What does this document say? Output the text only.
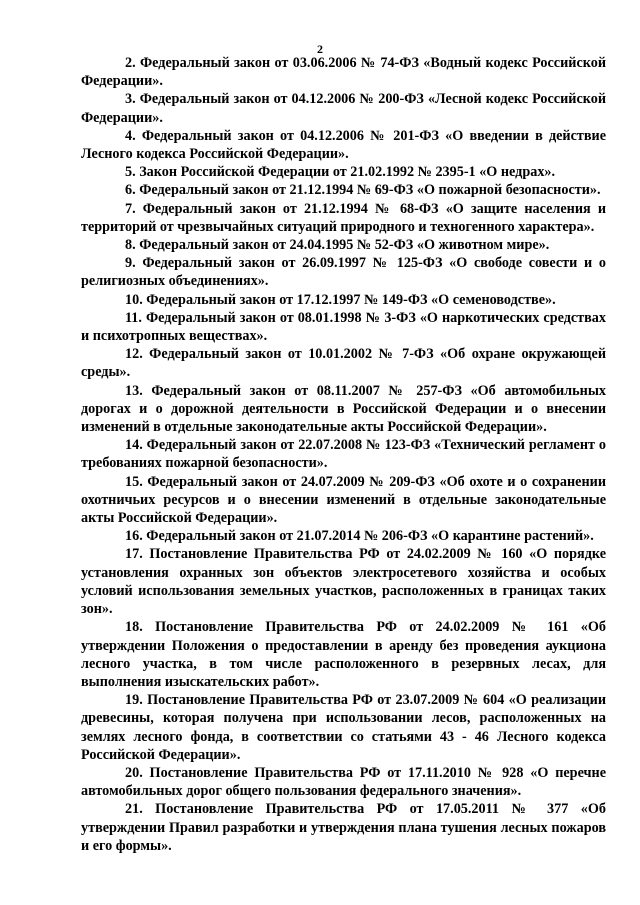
2

2. Федеральный закон от 03.06.2006 № 74-ФЗ «Водный кодекс Российской Федерации».

3. Федеральный закон от 04.12.2006 № 200-ФЗ «Лесной кодекс Российской Федерации».

4. Федеральный закон от 04.12.2006 № 201-ФЗ «О введении в действие Лесного кодекса Российской Федерации».

5. Закон Российской Федерации от 21.02.1992 № 2395-1 «О недрах».

6. Федеральный закон от 21.12.1994 № 69-ФЗ «О пожарной безопасности».

7. Федеральный закон от 21.12.1994 № 68-ФЗ «О защите населения и территорий от чрезвычайных ситуаций природного и техногенного характера».

8. Федеральный закон от 24.04.1995 № 52-ФЗ «О животном мире».

9. Федеральный закон от 26.09.1997 № 125-ФЗ «О свободе совести и о религиозных объединениях».

10. Федеральный закон от 17.12.1997 № 149-ФЗ «О семеноводстве».

11. Федеральный закон от 08.01.1998 № 3-ФЗ «О наркотических средствах и психотропных веществах».

12. Федеральный закон от 10.01.2002 № 7-ФЗ «Об охране окружающей среды».

13. Федеральный закон от 08.11.2007 № 257-ФЗ «Об автомобильных дорогах и о дорожной деятельности в Российской Федерации и о внесении изменений в отдельные законодательные акты Российской Федерации».

14. Федеральный закон от 22.07.2008 № 123-ФЗ «Технический регламент о требованиях пожарной безопасности».

15. Федеральный закон от 24.07.2009 № 209-ФЗ «Об охоте и о сохранении охотничьих ресурсов и о внесении изменений в отдельные законодательные акты Российской Федерации».

16. Федеральный закон от 21.07.2014 № 206-ФЗ «О карантине растений».

17. Постановление Правительства РФ от 24.02.2009 № 160 «О порядке установления охранных зон объектов электросетевого хозяйства и особых условий использования земельных участков, расположенных в границах таких зон».

18. Постановление Правительства РФ от 24.02.2009 № 161 «Об утверждении Положения о предоставлении в аренду без проведения аукциона лесного участка, в том числе расположенного в резервных лесах, для выполнения изыскательских работ».

19. Постановление Правительства РФ от 23.07.2009 № 604 «О реализации древесины, которая получена при использовании лесов, расположенных на землях лесного фонда, в соответствии со статьями 43 - 46 Лесного кодекса Российской Федерации».

20. Постановление Правительства РФ от 17.11.2010 № 928 «О перечне автомобильных дорог общего пользования федерального значения».

21. Постановление Правительства РФ от 17.05.2011 № 377 «Об утверждении Правил разработки и утверждения плана тушения лесных пожаров и его формы».
